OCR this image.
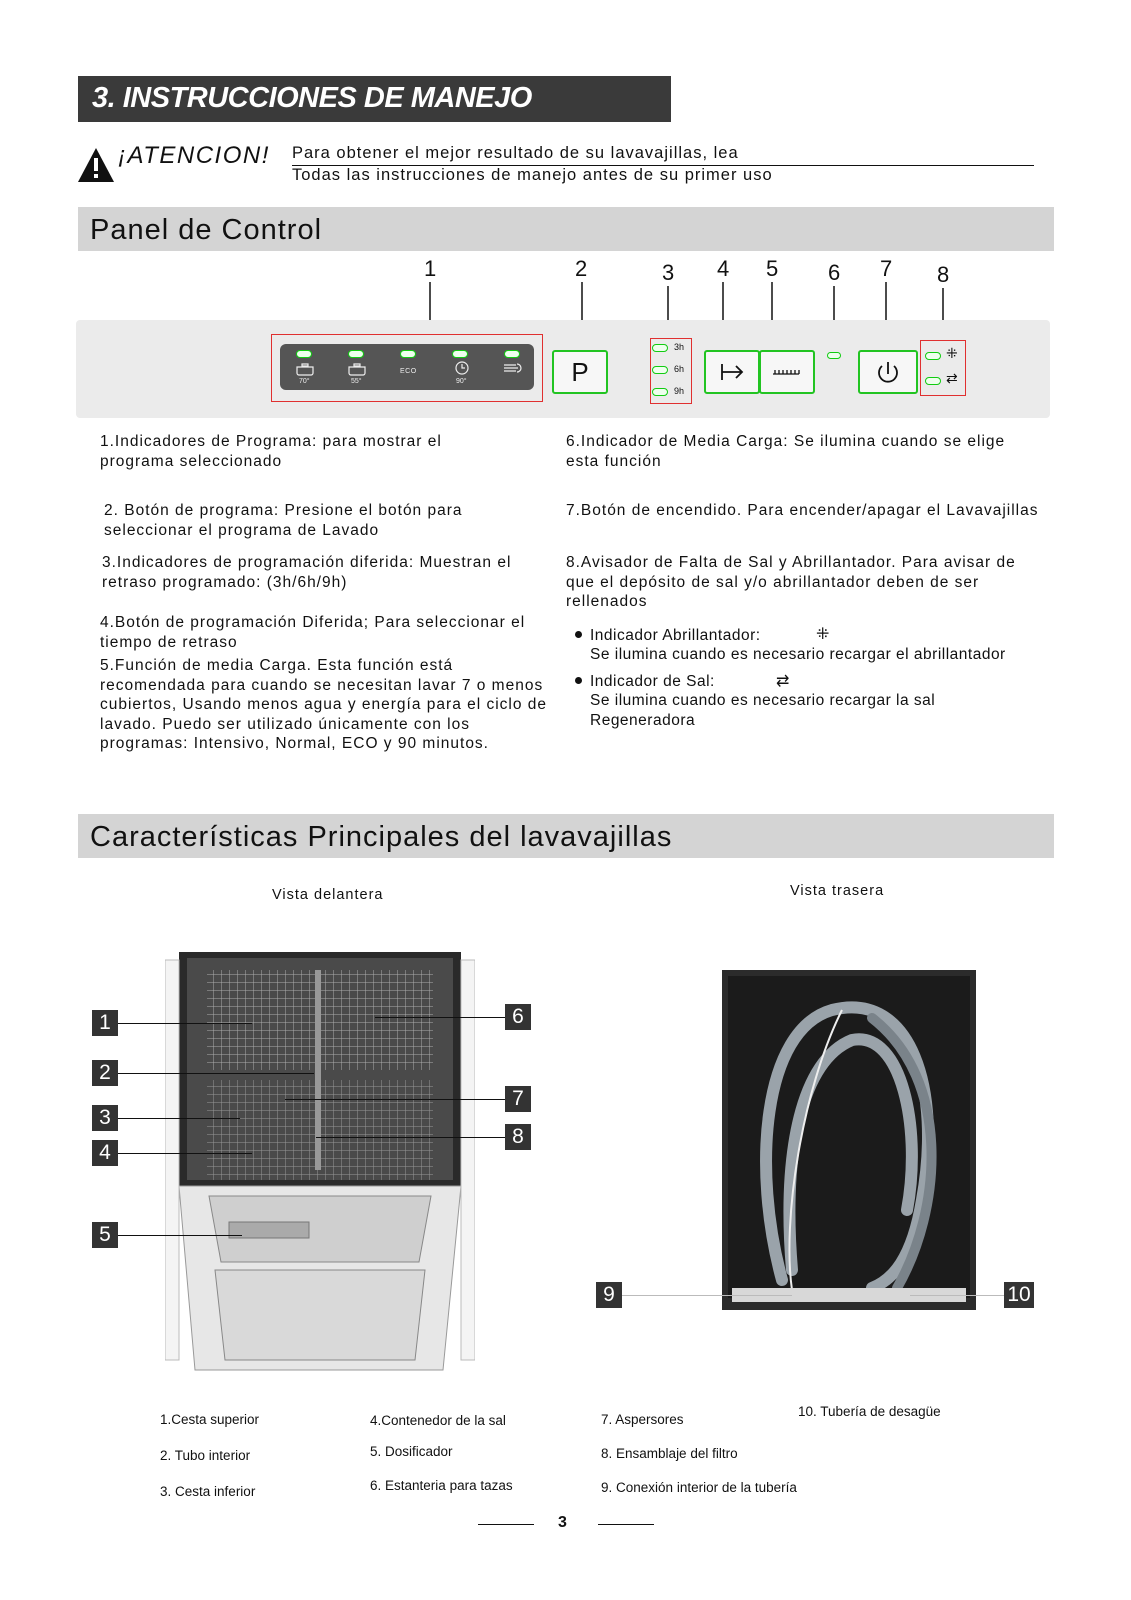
3. INSTRUCCIONES DE MANEJO
¡ATENCION! Para obtener el mejor resultado de su lavavajillas, lea
Todas las instrucciones de manejo antes de su primer uso
Panel de Control
1	2	3 4 5 6 7 8
ECO
70°	55°	90°	P
3h
6h
9h
⁜
⇄
1.Indicadores de Programa: para mostrar el programa seleccionado
2. Botón de programa: Presione el botón para seleccionar el programa de Lavado
3.Indicadores de programación diferida: Muestran el retraso programado: (3h/6h/9h)
4.Botón de programación Diferida; Para seleccionar el tiempo de retraso
5.Función de media Carga. Esta función está recomendada para cuando se necesitan lavar 7 o menos cubiertos, Usando menos agua y energía para el ciclo de lavado. Puedo ser utilizado únicamente con los programas: Intensivo, Normal, ECO y 90 minutos.
6.Indicador de Media Carga: Se ilumina cuando se elige esta función
7.Botón de encendido. Para encender/apagar el Lavavajillas
8.Avisador de Falta de Sal y Abrillantador. Para avisar de que el depósito de sal y/o abrillantador deben de ser rellenados
Indicador Abrillantador:	⁜
Se ilumina cuando es necesario recargar el abrillantador
Indicador de Sal:	⇄
Se ilumina cuando es necesario recargar la sal Regeneradora
Características Principales del lavavajillas
Vista delantera	Vista trasera
1
2
3
4
5
6
7
8
9	10
1.Cesta superior
2. Tubo interior
3. Cesta inferior
4.Contenedor de la sal
5. Dosificador
6. Estanteria para tazas
7. Aspersores
8. Ensamblaje del filtro
9. Conexión interior de la tubería
10. Tubería de desagüe
3
